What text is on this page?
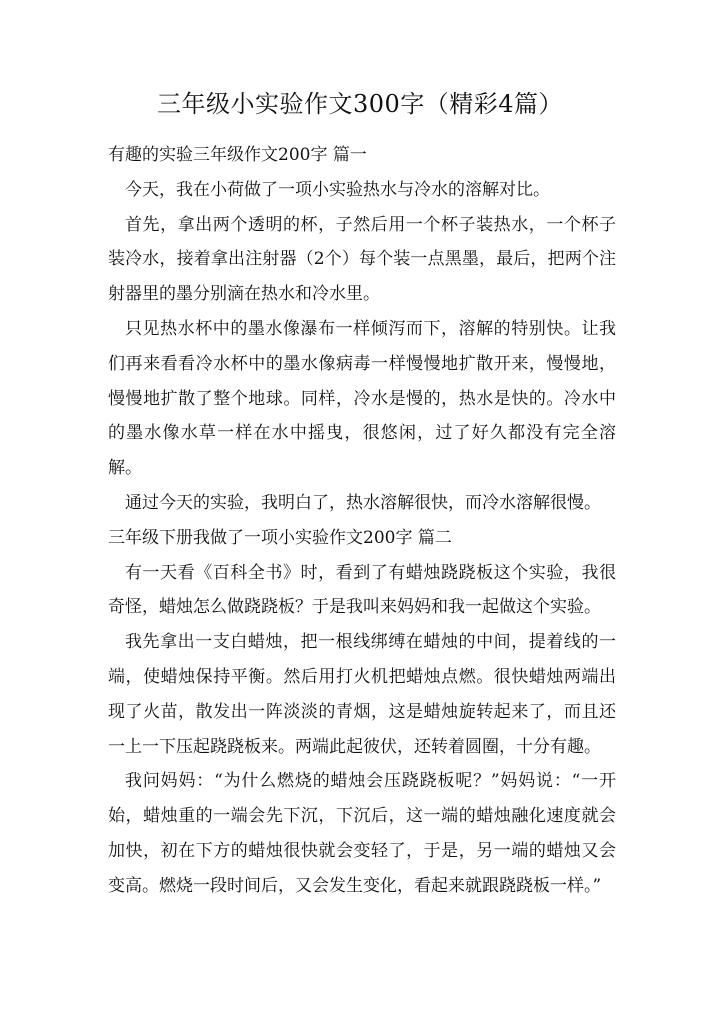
三年级小实验作文300字（精彩4篇）

有趣的实验三年级作文200字 篇一

今天，我在小荷做了一项小实验热水与冷水的溶解对比。

首先，拿出两个透明的杯，子然后用一个杯子装热水，一个杯子装冷水，接着拿出注射器（2个）每个装一点黑墨，最后，把两个注射器里的墨分别滴在热水和冷水里。

只见热水杯中的墨水像瀑布一样倾泻而下，溶解的特别快。让我们再来看看冷水杯中的墨水像病毒一样慢慢地扩散开来，慢慢地，慢慢地扩散了整个地球。同样，冷水是慢的，热水是快的。冷水中的墨水像水草一样在水中摇曳，很悠闲，过了好久都没有完全溶解。

通过今天的实验，我明白了，热水溶解很快，而冷水溶解很慢。

三年级下册我做了一项小实验作文200字 篇二

有一天看《百科全书》时，看到了有蜡烛跷跷板这个实验，我很奇怪，蜡烛怎么做跷跷板？于是我叫来妈妈和我一起做这个实验。

我先拿出一支白蜡烛，把一根线绑缚在蜡烛的中间，提着线的一端，使蜡烛保持平衡。然后用打火机把蜡烛点燃。很快蜡烛两端出现了火苗，散发出一阵淡淡的青烟，这是蜡烛旋转起来了，而且还一上一下压起跷跷板来。两端此起彼伏，还转着圆圈，十分有趣。

我问妈妈：“为什么燃烧的蜡烛会压跷跷板呢？”妈妈说：“一开始，蜡烛重的一端会先下沉，下沉后，这一端的蜡烛融化速度就会加快，初在下方的蜡烛很快就会变轻了，于是，另一端的蜡烛又会变高。燃烧一段时间后，又会发生变化，看起来就跟跷跷板一样。”
